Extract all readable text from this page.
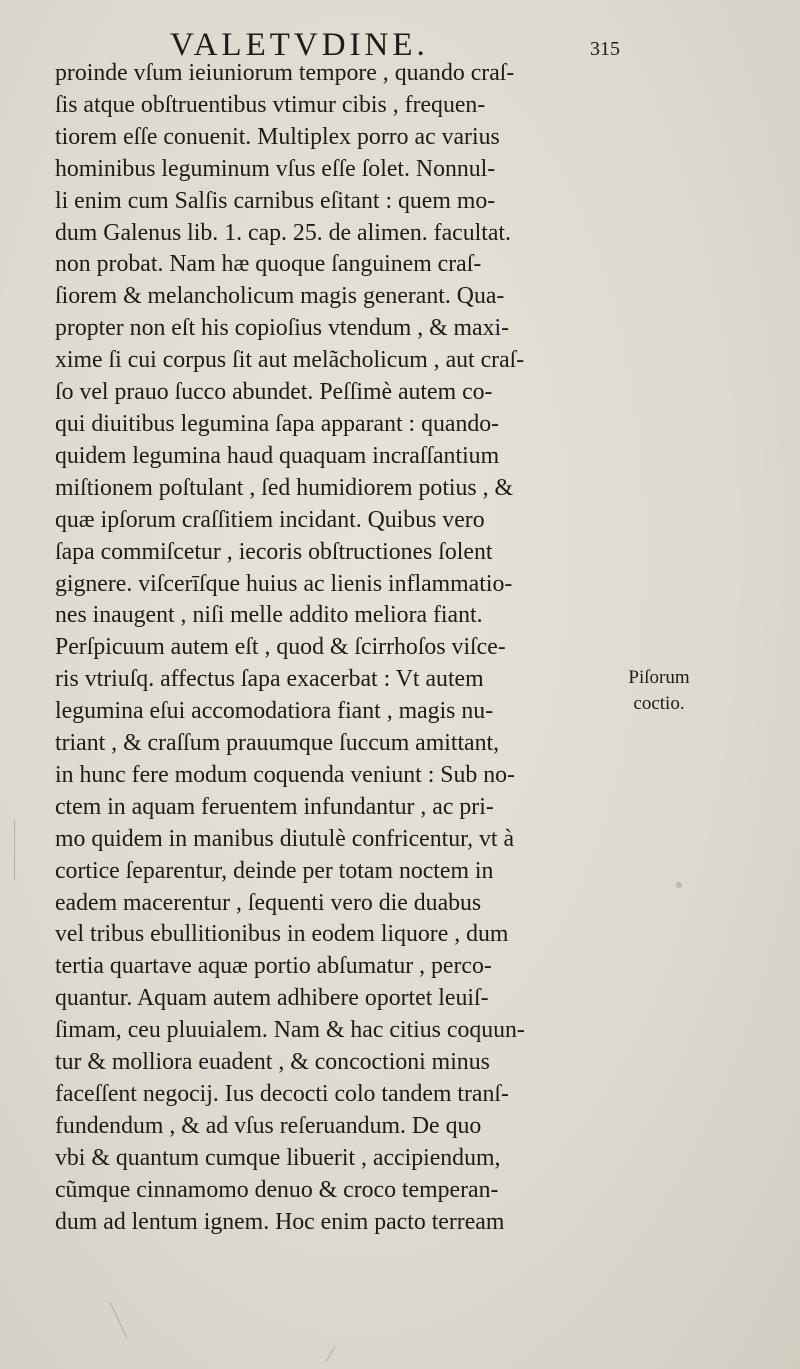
VALETVDINE.	315
proinde vſum ieiuniorum tempore , quando craſ-
ſis atque obſtruentibus vtimur cibis , frequen-
tiorem eſſe conuenit. Multiplex porro ac varius
hominibus leguminum vſus eſſe ſolet. Nonnul-
li enim cum Salſis carnibus eſitant : quem mo-
dum Galenus lib. 1. cap. 25. de alimen. facultat.
non probat. Nam hæ quoque ſanguinem craſ-
ſiorem & melancholicum magis generant. Qua-
propter non eſt his copioſius vtendum , & maxi-
xime ſi cui corpus ſit aut melãcholicum , aut craſ-
ſo vel prauo ſucco abundet. Peſſimè autem co-
qui diuitibus legumina ſapa apparant : quando-
quidem legumina haud quaquam incraſſantium
miſtionem poſtulant , ſed humidiorem potius , &
quæ ipſorum craſſitiem incidant. Quibus vero
ſapa commiſcetur , iecoris obſtructiones ſolent
gignere. viſcerīſque huius ac lienis inflammatio-
nes inaugent , niſi melle addito meliora fiant.
Perſpicuum autem eſt , quod & ſcirrhoſos viſce-
ris vtriuſq. affectus ſapa exacerbat : Vt autem
legumina eſui accomodatiora fiant , magis nu-
triant , & craſſum prauumque ſuccum amittant,
in hunc fere modum coquenda veniunt : Sub no-
ctem in aquam feruentem infundantur , ac pri-
mo quidem in manibus diutulè confricentur, vt à
cortice ſeparentur, deinde per totam noctem in
eadem macerentur , ſequenti vero die duabus
vel tribus ebullitionibus in eodem liquore , dum
tertia quartave aquæ portio abſumatur , perco-
quantur. Aquam autem adhibere oportet leuiſ-
ſimam, ceu pluuialem. Nam & hac citius coquun-
tur & molliora euadent , & concoctioni minus
faceſſent negocij. Ius decocti colo tandem tranſ-
fundendum , & ad vſus reſeruandum. De quo
vbi & quantum cumque libuerit , accipiendum,
cũmque cinnamomo denuo & croco temperan-
dum ad lentum ignem. Hoc enim pacto terream
Piſorum
coctio.
